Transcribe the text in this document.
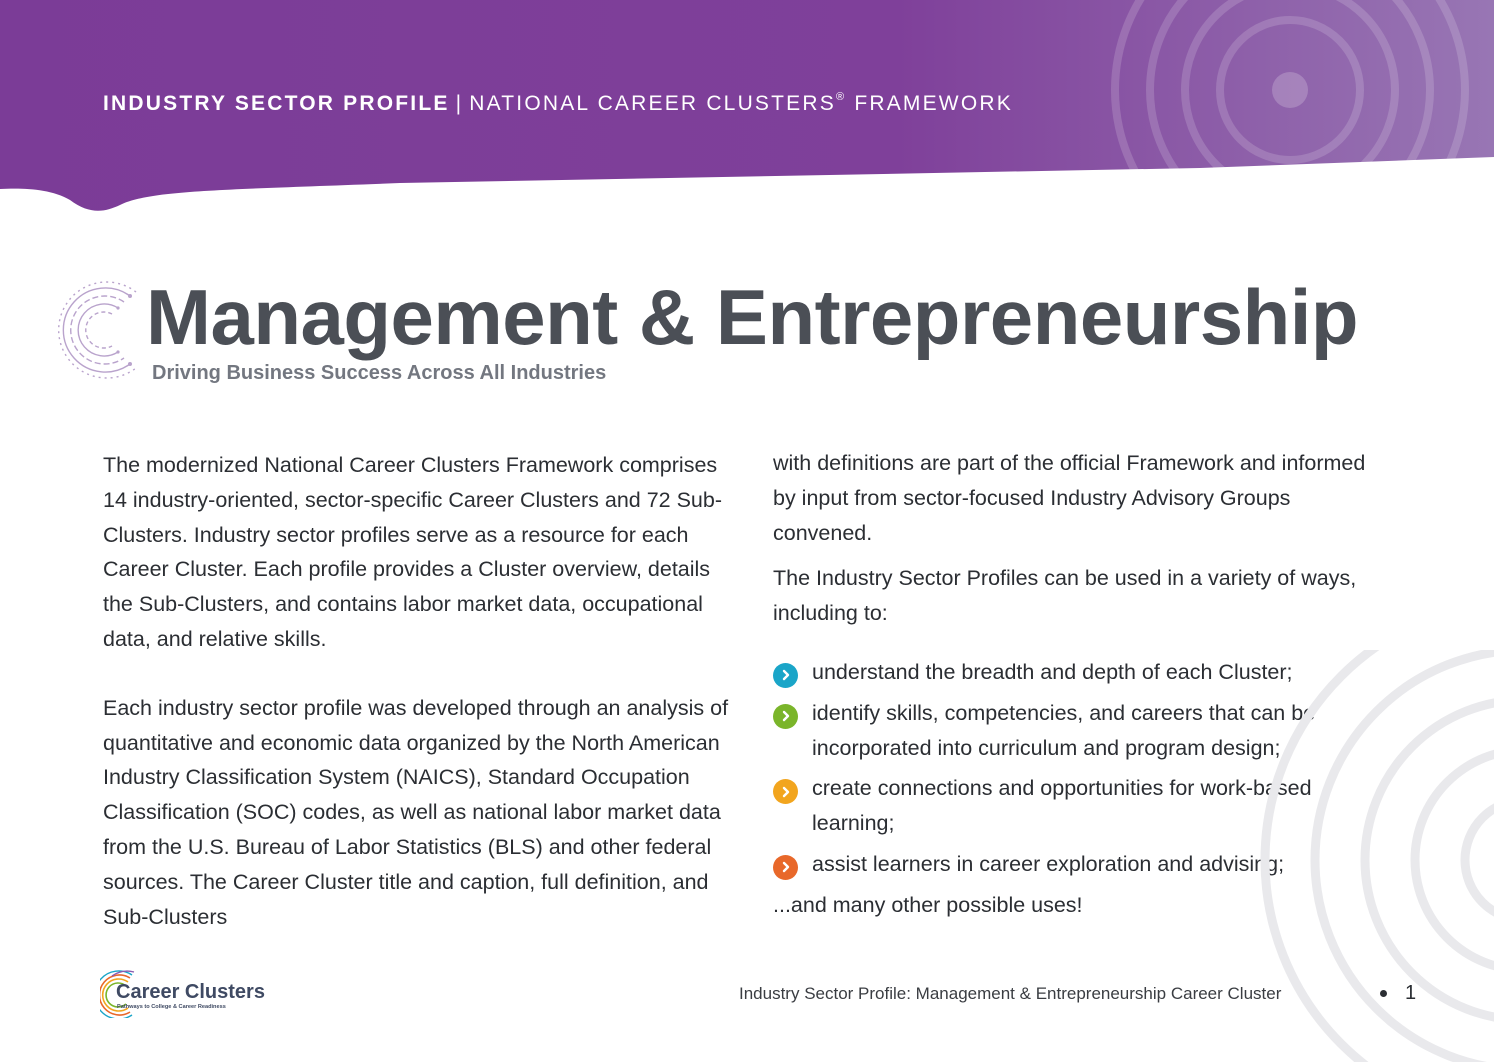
INDUSTRY SECTOR PROFILE | NATIONAL CAREER CLUSTERS® FRAMEWORK
Management & Entrepreneurship

Driving Business Success Across All Industries

The modernized National Career Clusters Framework comprises 14 industry-oriented, sector-specific Career Clusters and 72 Sub-Clusters. Industry sector profiles serve as a resource for each Career Cluster. Each profile provides a Cluster overview, details the Sub-Clusters, and contains labor market data, occupational data, and relative skills.

Each industry sector profile was developed through an analysis of quantitative and economic data organized by the North American Industry Classification System (NAICS), Standard Occupation Classification (SOC) codes, as well as national labor market data from the U.S. Bureau of Labor Statistics (BLS) and other federal sources. The Career Cluster title and caption, full definition, and Sub-Clusters

with definitions are part of the official Framework and informed by input from sector-focused Industry Advisory Groups convened.

The Industry Sector Profiles can be used in a variety of ways, including to:

understand the breadth and depth of each Cluster;
identify skills, competencies, and careers that can be incorporated into curriculum and program design;
create connections and opportunities for work-based learning;
assist learners in career exploration and advising;

...and many other possible uses!

Career Clusters
Pathways to College & Career Readiness
Industry Sector Profile: Management & Entrepreneurship Career Cluster	1
